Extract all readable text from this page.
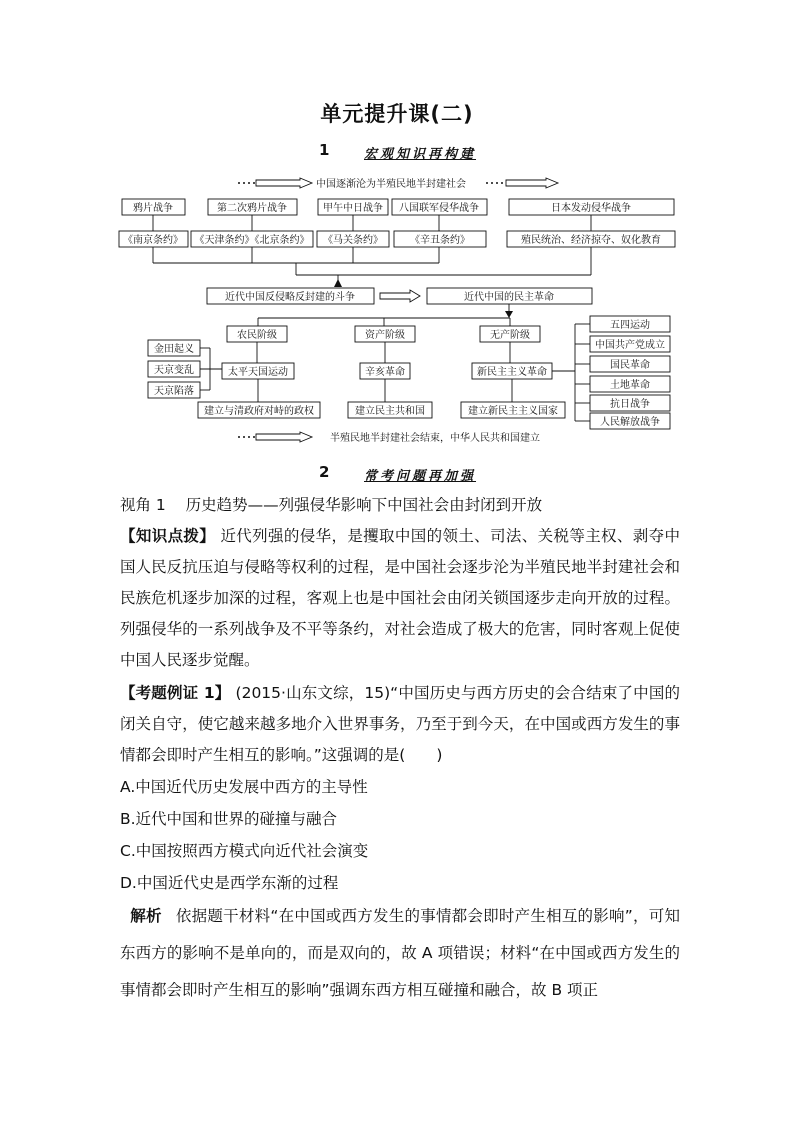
单元提升课(二)
1	宏观知识再构建
中国逐渐沦为半殖民地半封建社会
鸦片战争	第二次鸦片战争	甲午中日战争 八国联军侵华战争	日本发动侵华战争
《南京条约》 《天津条约》《北京条约》 《马关条约》	《辛丑条约》	殖民统治、经济掠夺、奴化教育
近代中国反侵略反封建的斗争	近代中国的民主革命
农民阶级	资产阶级	无产阶级
金田起义
天京变乱
天京陷落
太平天国运动	辛亥革命	新民主主义革命
建立与清政府对峙的政权	建立民主共和国	建立新民主主义国家
五四运动
中国共产党成立
国民革命
土地革命
抗日战争
人民解放战争
半殖民地半封建社会结束，中华人民共和国建立
2	常考问题再加强
视角 1 历史趋势——列强侵华影响下中国社会由封闭到开放

【知识点拨】 近代列强的侵华，是攫取中国的领土、司法、关税等主权、剥夺中国人民反抗压迫与侵略等权利的过程，是中国社会逐步沦为半殖民地半封建社会和民族危机逐步加深的过程，客观上也是中国社会由闭关锁国逐步走向开放的过程。列强侵华的一系列战争及不平等条约，对社会造成了极大的危害，同时客观上促使中国人民逐步觉醒。

【考题例证 1】 (2015·山东文综，15)“中国历史与西方历史的会合结束了中国的闭关自守，使它越来越多地介入世界事务，乃至于到今天，在中国或西方发生的事情都会即时产生相互的影响。”这强调的是(　　)

A.中国近代历史发展中西方的主导性
B.近代中国和世界的碰撞与融合
C.中国按照西方模式向近代社会演变
D.中国近代史是西学东渐的过程
解析 依据题干材料“在中国或西方发生的事情都会即时产生相互的影响”，可知东西方的影响不是单向的，而是双向的，故 A 项错误；材料“在中国或西方发生的事情都会即时产生相互的影响”强调东西方相互碰撞和融合，故 B 项正
